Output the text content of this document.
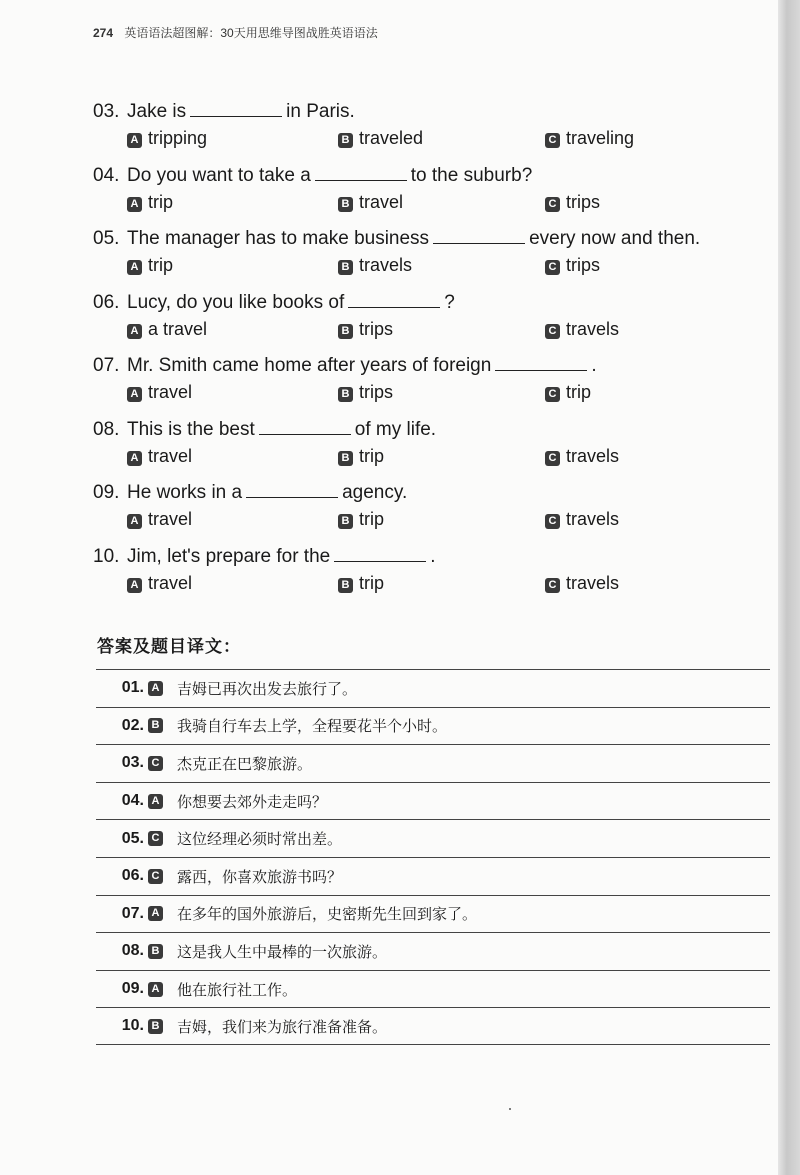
274 英语语法超图解：30天用思维导图战胜英语语法
03. Jake is	in Paris.
A tripping	B traveled	C traveling
04. Do you want to take a	to the suburb?
A trip	B travel	C trips
05. The manager has to make business	every now and then.
A trip	B travels	C trips
06. Lucy, do you like books of	?
A a travel	B trips	C travels
07. Mr. Smith came home after years of foreign	.
A travel	B trips	C trip
08. This is the best	of my life.
A travel	B trip	C travels
09. He works in a	agency.
A travel	B trip	C travels
10. Jim, let's prepare for the	.
A travel	B trip	C travels
答案及题目译文：
01. A 吉姆已再次出发去旅行了。
02. B 我骑自行车去上学，全程要花半个小时。
03. C 杰克正在巴黎旅游。
04. A 你想要去郊外走走吗？
05. C 这位经理必须时常出差。
06. C 露西，你喜欢旅游书吗？
07. A 在多年的国外旅游后，史密斯先生回到家了。
08. B 这是我人生中最棒的一次旅游。
09. A 他在旅行社工作。
10. B 吉姆，我们来为旅行准备准备。
